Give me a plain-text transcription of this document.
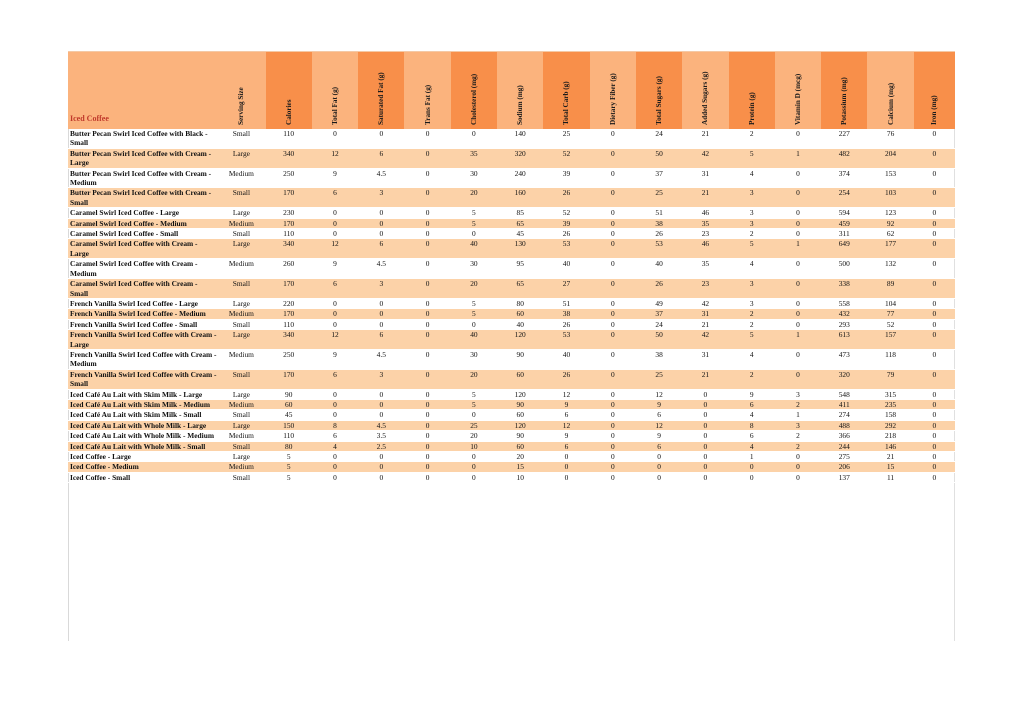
Iced Coffee	Serving Size	Calories	Total Fat (g)	Saturated Fat (g)	Trans Fat (g)	Cholesterol (mg)	Sodium (mg)	Total Carb (g)	Dietary Fiber (g)	Total Sugars (g)	Added Sugars (g)	Protein (g)	Vitamin D (mcg)	Potassium (mg)	Calcium (mg)	Iron (mg)

Butter Pecan Swirl Iced Coffee with Black - Small	Small	110	0	0	0	0	140	25	0	24	21	2	0	227	76	0
Butter Pecan Swirl Iced Coffee with Cream - Large	Large	340	12	6	0	35	320	52	0	50	42	5	1	482	204	0
Butter Pecan Swirl Iced Coffee with Cream - Medium	Medium	250	9	4.5	0	30	240	39	0	37	31	4	0	374	153	0
Butter Pecan Swirl Iced Coffee with Cream - Small	Small	170	6	3	0	20	160	26	0	25	21	3	0	254	103	0
Caramel Swirl Iced Coffee - Large	Large	230	0	0	0	5	85	52	0	51	46	3	0	594	123	0
Caramel Swirl Iced Coffee - Medium	Medium	170	0	0	0	5	65	39	0	38	35	3	0	459	92	0
Caramel Swirl Iced Coffee - Small	Small	110	0	0	0	0	45	26	0	26	23	2	0	311	62	0
Caramel Swirl Iced Coffee with Cream - Large	Large	340	12	6	0	40	130	53	0	53	46	5	1	649	177	0
Caramel Swirl Iced Coffee with Cream - Medium	Medium	260	9	4.5	0	30	95	40	0	40	35	4	0	500	132	0
Caramel Swirl Iced Coffee with Cream - Small	Small	170	6	3	0	20	65	27	0	26	23	3	0	338	89	0
French Vanilla Swirl Iced Coffee - Large	Large	220	0	0	0	5	80	51	0	49	42	3	0	558	104	0
French Vanilla Swirl Iced Coffee - Medium	Medium	170	0	0	0	5	60	38	0	37	31	2	0	432	77	0
French Vanilla Swirl Iced Coffee - Small	Small	110	0	0	0	0	40	26	0	24	21	2	0	293	52	0
French Vanilla Swirl Iced Coffee with Cream - Large	Large	340	12	6	0	40	120	53	0	50	42	5	1	613	157	0
French Vanilla Swirl Iced Coffee with Cream - Medium	Medium	250	9	4.5	0	30	90	40	0	38	31	4	0	473	118	0
French Vanilla Swirl Iced Coffee with Cream - Small	Small	170	6	3	0	20	60	26	0	25	21	2	0	320	79	0
Iced Café Au Lait with Skim Milk - Large	Large	90	0	0	0	5	120	12	0	12	0	9	3	548	315	0
Iced Café Au Lait with Skim Milk - Medium	Medium	60	0	0	0	5	90	9	0	9	0	6	2	411	235	0
Iced Café Au Lait with Skim Milk - Small	Small	45	0	0	0	0	60	6	0	6	0	4	1	274	158	0
Iced Café Au Lait with Whole Milk - Large	Large	150	8	4.5	0	25	120	12	0	12	0	8	3	488	292	0
Iced Café Au Lait with Whole Milk - Medium	Medium	110	6	3.5	0	20	90	9	0	9	0	6	2	366	218	0
Iced Café Au Lait with Whole Milk - Small	Small	80	4	2.5	0	10	60	6	0	6	0	4	2	244	146	0
Iced Coffee - Large	Large	5	0	0	0	0	20	0	0	0	0	1	0	275	21	0
Iced Coffee - Medium	Medium	5	0	0	0	0	15	0	0	0	0	0	0	206	15	0
Iced Coffee - Small	Small	5	0	0	0	0	10	0	0	0	0	0	0	137	11	0
